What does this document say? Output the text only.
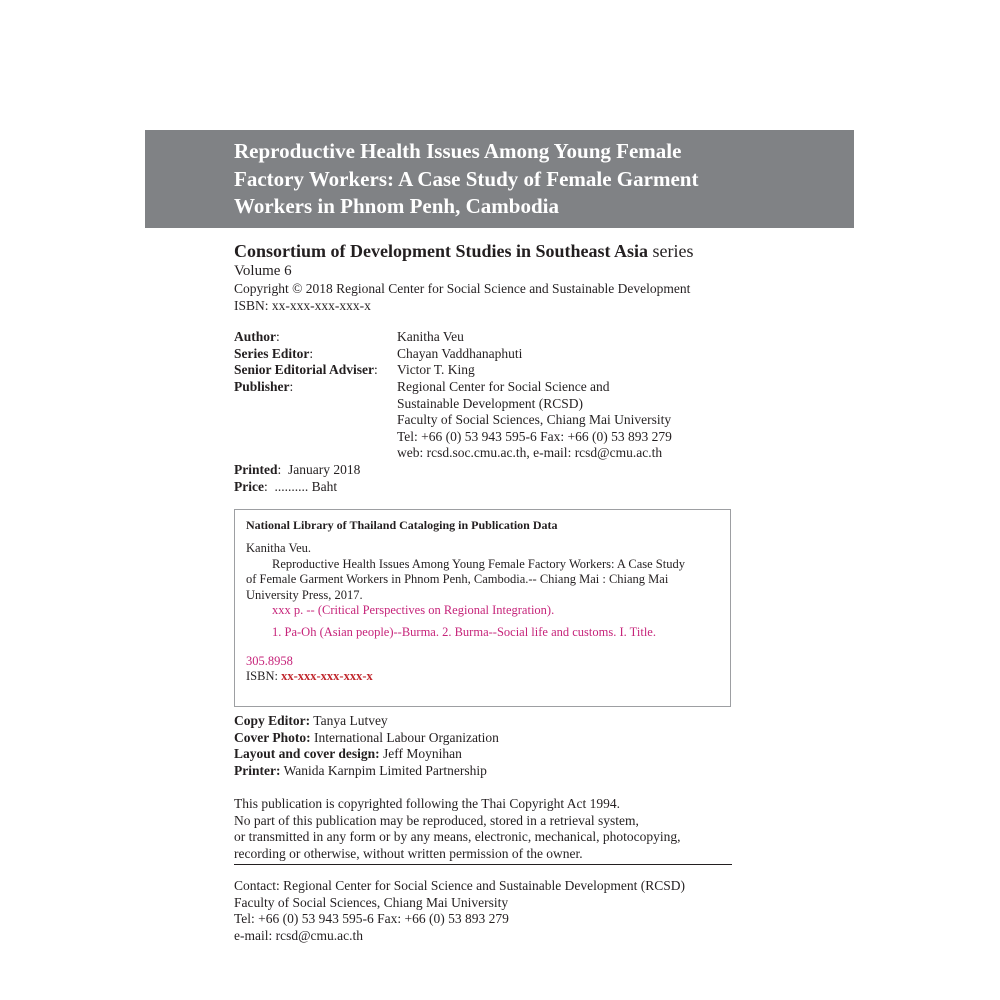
Reproductive Health Issues Among Young Female
Factory Workers: A Case Study of Female Garment
Workers in Phnom Penh, Cambodia
Consortium of Development Studies in Southeast Asia series
Volume 6
Copyright © 2018 Regional Center for Social Science and Sustainable Development
ISBN: xx-xxx-xxx-xxx-x
Author:	Kanitha Veu
Series Editor:	Chayan Vaddhanaphuti
Senior Editorial Adviser:	Victor T. King
Publisher:	Regional Center for Social Science and
Sustainable Development (RCSD)
Faculty of Social Sciences, Chiang Mai University
Tel: +66 (0) 53 943 595-6 Fax: +66 (0) 53 893 279
web: rcsd.soc.cmu.ac.th, e-mail: rcsd@cmu.ac.th
Printed:  January 2018
Price:  .......... Baht
National Library of Thailand Cataloging in Publication Data
Kanitha Veu.
Reproductive Health Issues Among Young Female Factory Workers: A Case Study
of Female Garment Workers in Phnom Penh, Cambodia.-- Chiang Mai : Chiang Mai
University Press, 2017.
xxx p. -- (Critical Perspectives on Regional Integration).
1. Pa-Oh (Asian people)--Burma. 2. Burma--Social life and customs. I. Title.
305.8958
ISBN: xx-xxx-xxx-xxx-x
Copy Editor: Tanya Lutvey
Cover Photo: International Labour Organization
Layout and cover design: Jeff Moynihan
Printer: Wanida Karnpim Limited Partnership
This publication is copyrighted following the Thai Copyright Act 1994.
No part of this publication may be reproduced, stored in a retrieval system,
or transmitted in any form or by any means, electronic, mechanical, photocopying,
recording or otherwise, without written permission of the owner.
Contact: Regional Center for Social Science and Sustainable Development (RCSD)
Faculty of Social Sciences, Chiang Mai University
Tel: +66 (0) 53 943 595-6 Fax: +66 (0) 53 893 279
e-mail: rcsd@cmu.ac.th
